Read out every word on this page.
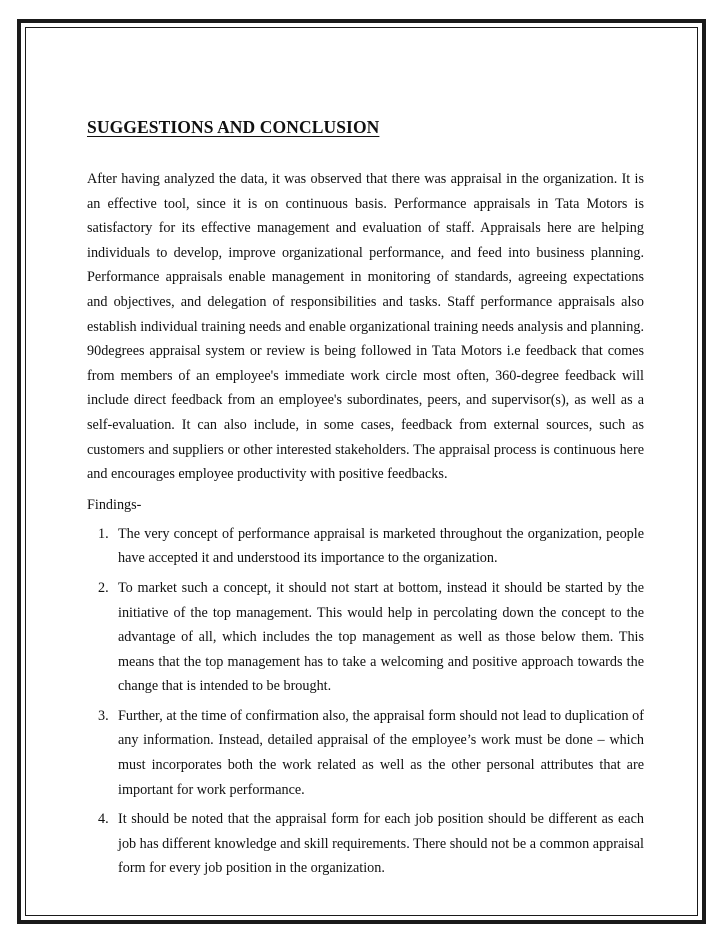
SUGGESTIONS AND CONCLUSION

After having analyzed the data, it was observed that there was appraisal in the organization. It is an effective tool, since it is on continuous basis. Performance appraisals in Tata Motors is satisfactory for its effective management and evaluation of staff. Appraisals here are helping individuals to develop, improve organizational performance, and feed into business planning. Performance appraisals enable management in monitoring of standards, agreeing expectations and objectives, and delegation of responsibilities and tasks. Staff performance appraisals also establish individual training needs and enable organizational training needs analysis and planning. 90degrees appraisal system or review is being followed in Tata Motors i.e feedback that comes from members of an employee's immediate work circle most often, 360-degree feedback will include direct feedback from an employee's subordinates, peers, and supervisor(s), as well as a self-evaluation. It can also include, in some cases, feedback from external sources, such as customers and suppliers or other interested stakeholders. The appraisal process is continuous here and encourages employee productivity with positive feedbacks.

Findings-
1. The very concept of performance appraisal is marketed throughout the organization, people have accepted it and understood its importance to the organization.
2. To market such a concept, it should not start at bottom, instead it should be started by the initiative of the top management. This would help in percolating down the concept to the advantage of all, which includes the top management as well as those below them. This means that the top management has to take a welcoming and positive approach towards the change that is intended to be brought.
3. Further, at the time of confirmation also, the appraisal form should not lead to duplication of any information. Instead, detailed appraisal of the employee’s work must be done – which must incorporates both the work related as well as the other personal attributes that are important for work performance.
4. It should be noted that the appraisal form for each job position should be different as each job has different knowledge and skill requirements. There should not be a common appraisal form for every job position in the organization.
